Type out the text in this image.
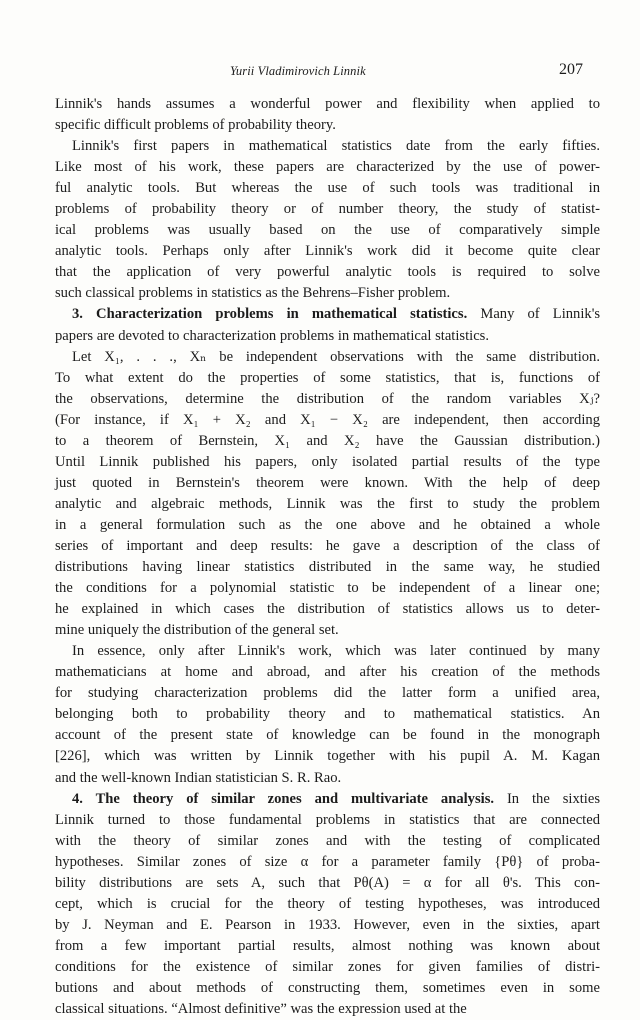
Yurii Vladimirovich Linnik	207
Linnik's hands assumes a wonderful power and flexibility when applied to
specific difficult problems of probability theory.
Linnik's first papers in mathematical statistics date from the early fifties.
Like most of his work, these papers are characterized by the use of power-
ful analytic tools. But whereas the use of such tools was traditional in
problems of probability theory or of number theory, the study of statist-
ical problems was usually based on the use of comparatively simple
analytic tools. Perhaps only after Linnik's work did it become quite clear
that the application of very powerful analytic tools is required to solve
such classical problems in statistics as the Behrens–Fisher problem.
3. Characterization problems in mathematical statistics. Many of Linnik's
papers are devoted to characterization problems in mathematical statistics.
Let X₁, . . ., Xₙ be independent observations with the same distribution.
To what extent do the properties of some statistics, that is, functions of
the observations, determine the distribution of the random variables Xⱼ?
(For instance, if X₁ + X₂ and X₁ − X₂ are independent, then according
to a theorem of Bernstein, X₁ and X₂ have the Gaussian distribution.)
Until Linnik published his papers, only isolated partial results of the type
just quoted in Bernstein's theorem were known. With the help of deep
analytic and algebraic methods, Linnik was the first to study the problem
in a general formulation such as the one above and he obtained a whole
series of important and deep results: he gave a description of the class of
distributions having linear statistics distributed in the same way, he studied
the conditions for a polynomial statistic to be independent of a linear one;
he explained in which cases the distribution of statistics allows us to deter-
mine uniquely the distribution of the general set.
In essence, only after Linnik's work, which was later continued by many
mathematicians at home and abroad, and after his creation of the methods
for studying characterization problems did the latter form a unified area,
belonging both to probability theory and to mathematical statistics. An
account of the present state of knowledge can be found in the monograph
[226], which was written by Linnik together with his pupil A. M. Kagan
and the well-known Indian statistician S. R. Rao.
4. The theory of similar zones and multivariate analysis. In the sixties
Linnik turned to those fundamental problems in statistics that are connected
with the theory of similar zones and with the testing of complicated
hypotheses. Similar zones of size α for a parameter family {Pθ} of proba-
bility distributions are sets A, such that Pθ(A) = α for all θ's. This con-
cept, which is crucial for the theory of testing hypotheses, was introduced
by J. Neyman and E. Pearson in 1933. However, even in the sixties, apart
from a few important partial results, almost nothing was known about
conditions for the existence of similar zones for given families of distri-
butions and about methods of constructing them, sometimes even in some
classical situations. “Almost definitive” was the expression used at the
